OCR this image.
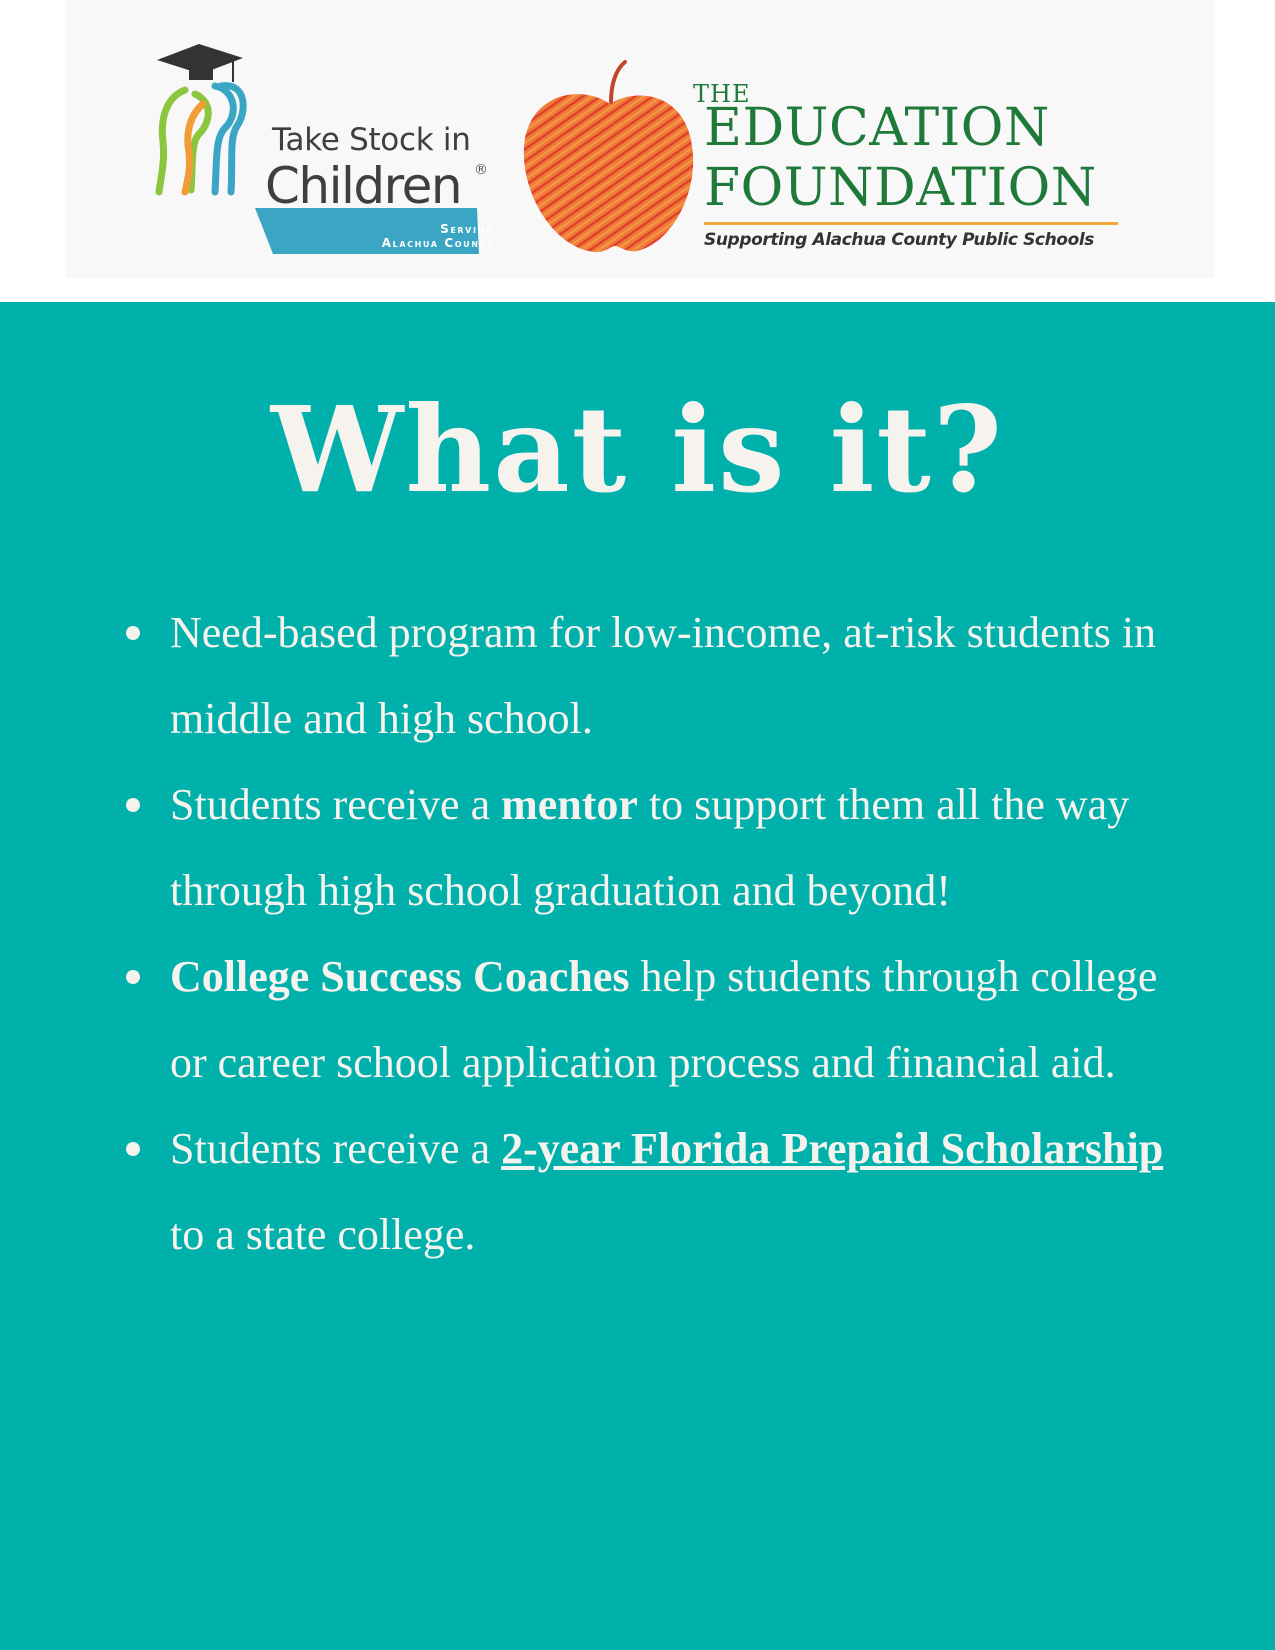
Take Stock in
Children ®
Serving
Alachua County
THE
EDUCATION
FOUNDATION
Supporting Alachua County Public Schools
What is it?
Need-based program for low-income, at-risk students in middle and high school.
Students receive a mentor to support them all the way through high school graduation and beyond!
College Success Coaches help students through college or career school application process and financial aid.
Students receive a 2-year Florida Prepaid Scholarship to a state college.
